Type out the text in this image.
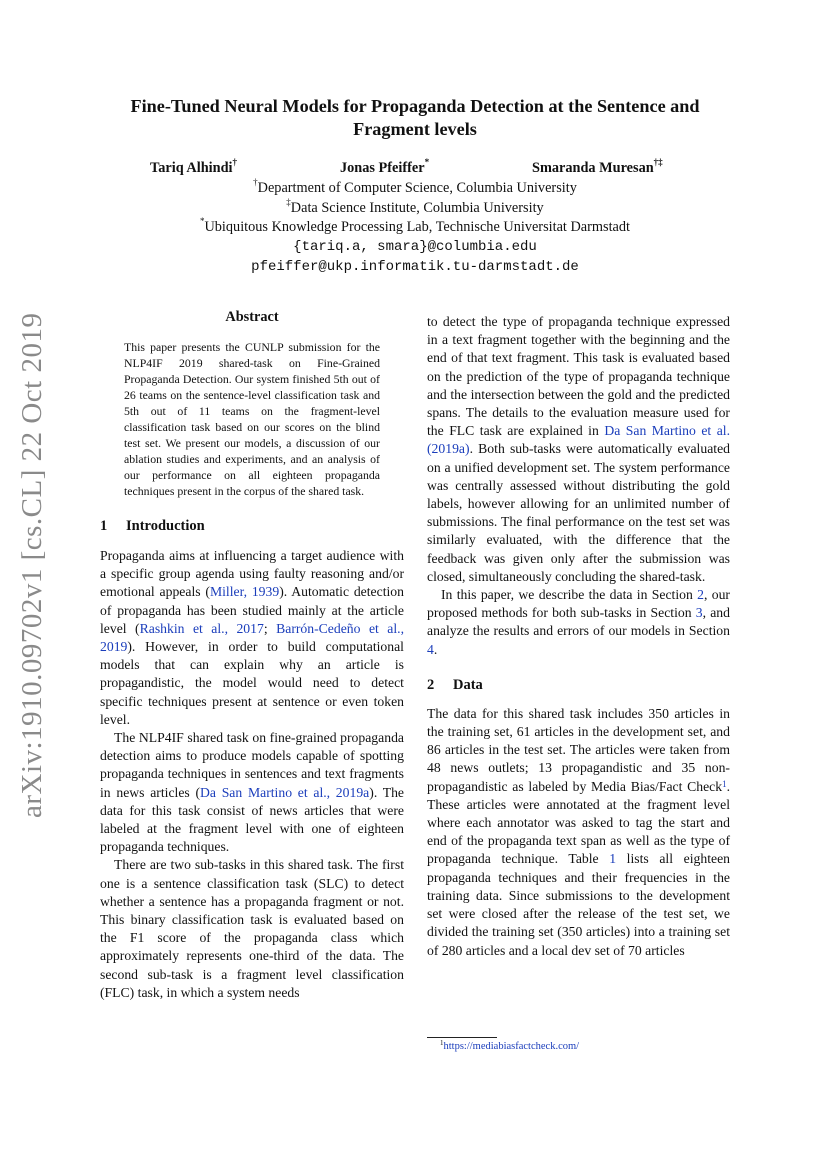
arXiv:1910.09702v1 [cs.CL] 22 Oct 2019
Fine-Tuned Neural Models for Propaganda Detection at the Sentence and
Fragment levels
Tariq Alhindi†	Jonas Pfeiffer*	Smaranda Muresan†‡
†Department of Computer Science, Columbia University
‡Data Science Institute, Columbia University
*Ubiquitous Knowledge Processing Lab, Technische Universitat Darmstadt
{tariq.a, smara}@columbia.edu
pfeiffer@ukp.informatik.tu-darmstadt.de
Abstract

This paper presents the CUNLP submission for the NLP4IF 2019 shared-task on Fine-Grained Propaganda Detection. Our system finished 5th out of 26 teams on the sentence-level classification task and 5th out of 11 teams on the fragment-level classification task based on our scores on the blind test set. We present our models, a discussion of our ablation studies and experiments, and an analysis of our performance on all eighteen propaganda techniques present in the corpus of the shared task.

1 Introduction

Propaganda aims at influencing a target audience with a specific group agenda using faulty reasoning and/or emotional appeals (Miller, 1939). Automatic detection of propaganda has been studied mainly at the article level (Rashkin et al., 2017; Barrón-Cedeño et al., 2019). However, in order to build computational models that can explain why an article is propagandistic, the model would need to detect specific techniques present at sentence or even token level.

The NLP4IF shared task on fine-grained propaganda detection aims to produce models capable of spotting propaganda techniques in sentences and text fragments in news articles (Da San Martino et al., 2019a). The data for this task consist of news articles that were labeled at the fragment level with one of eighteen propaganda techniques.

There are two sub-tasks in this shared task. The first one is a sentence classification task (SLC) to detect whether a sentence has a propaganda fragment or not. This binary classification task is evaluated based on the F1 score of the propaganda class which approximately represents one-third of the data. The second sub-task is a fragment level classification (FLC) task, in which a system needs

to detect the type of propaganda technique expressed in a text fragment together with the beginning and the end of that text fragment. This task is evaluated based on the prediction of the type of propaganda technique and the intersection between the gold and the predicted spans. The details to the evaluation measure used for the FLC task are explained in Da San Martino et al. (2019a). Both sub-tasks were automatically evaluated on a unified development set. The system performance was centrally assessed without distributing the gold labels, however allowing for an unlimited number of submissions. The final performance on the test set was similarly evaluated, with the difference that the feedback was given only after the submission was closed, simultaneously concluding the shared-task.

In this paper, we describe the data in Section 2, our proposed methods for both sub-tasks in Section 3, and analyze the results and errors of our models in Section 4.

2 Data

The data for this shared task includes 350 articles in the training set, 61 articles in the development set, and 86 articles in the test set. The articles were taken from 48 news outlets; 13 propagandistic and 35 non-propagandistic as labeled by Media Bias/Fact Check$^1$. These articles were annotated at the fragment level where each annotator was asked to tag the start and end of the propaganda text span as well as the type of propaganda technique. Table 1 lists all eighteen propaganda techniques and their frequencies in the training data. Since submissions to the development set were closed after the release of the test set, we divided the training set (350 articles) into a training set of 280 articles and a local dev set of 70 articles

$^1$https://mediabiasfactcheck.com/
